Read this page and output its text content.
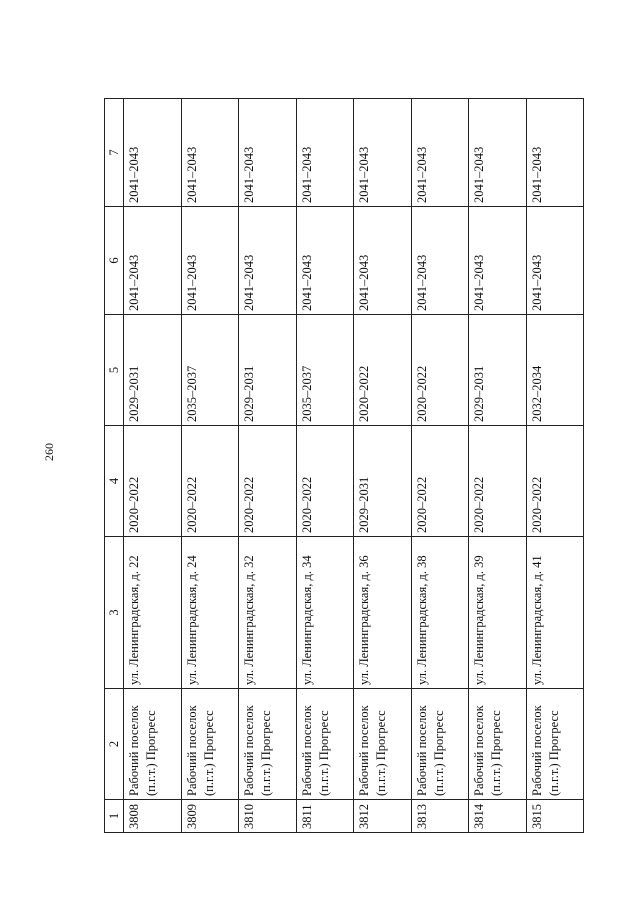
260
1	2	3	4	5	6	7
3808	Рабочий поселок (п.г.т.) Прогресс	ул. Ленинградская, д. 22	2020–2022	2029–2031	2041–2043	2041–2043
3809	Рабочий поселок (п.г.т.) Прогресс	ул. Ленинградская, д. 24	2020–2022	2035–2037	2041–2043	2041–2043
3810	Рабочий поселок (п.г.т.) Прогресс	ул. Ленинградская, д. 32	2020–2022	2029–2031	2041–2043	2041–2043
3811	Рабочий поселок (п.г.т.) Прогресс	ул. Ленинградская, д. 34	2020–2022	2035–2037	2041–2043	2041–2043
3812	Рабочий поселок (п.г.т.) Прогресс	ул. Ленинградская, д. 36	2029–2031	2020–2022	2041–2043	2041–2043
3813	Рабочий поселок (п.г.т.) Прогресс	ул. Ленинградская, д. 38	2020–2022	2020–2022	2041–2043	2041–2043
3814	Рабочий поселок (п.г.т.) Прогресс	ул. Ленинградская, д. 39	2020–2022	2029–2031	2041–2043	2041–2043
3815	Рабочий поселок (п.г.т.) Прогресс	ул. Ленинградская, д. 41	2020–2022	2032–2034	2041–2043	2041–2043
